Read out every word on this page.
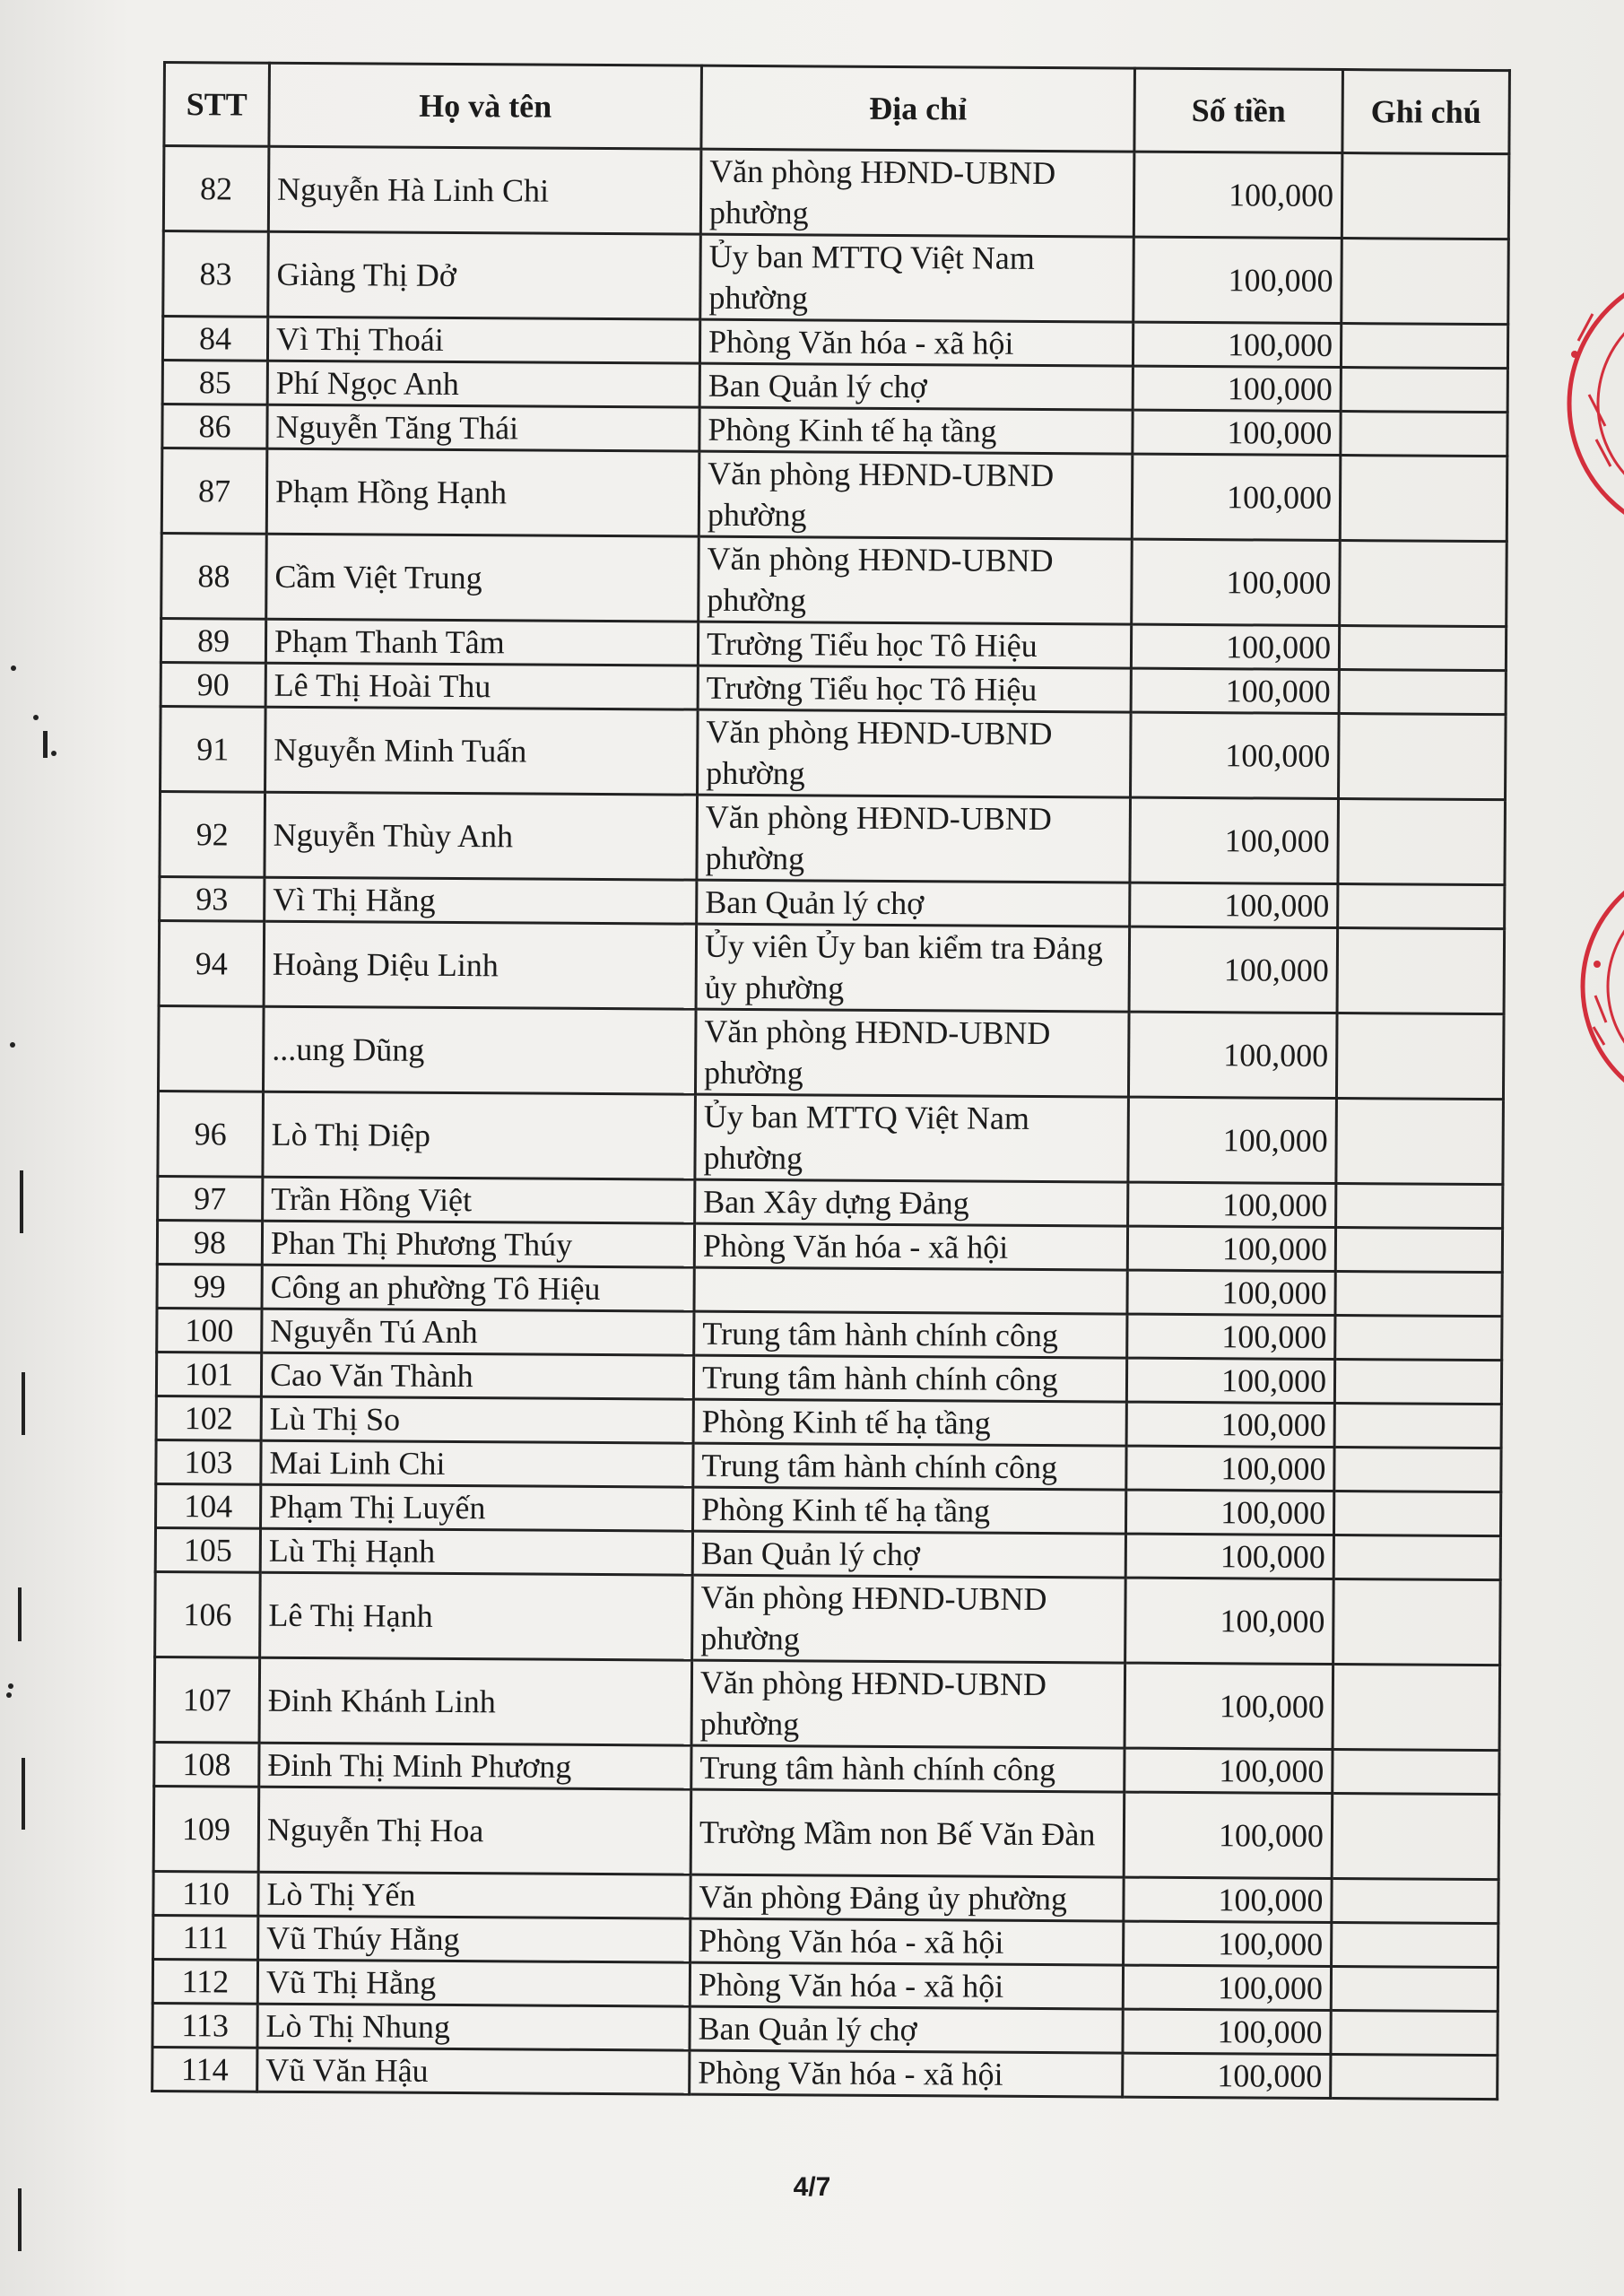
STT	Họ và tên	Địa chỉ	Số tiền	Ghi chú
82	Nguyễn Hà Linh Chi	Văn phòng HĐND-UBND
phường	100,000	
83	Giàng Thị Dở	Ủy ban MTTQ Việt Nam
phường	100,000	
84	Vì Thị Thoái	Phòng Văn hóa - xã hội	100,000	
85	Phí Ngọc Anh	Ban Quản lý chợ	100,000	
86	Nguyễn Tăng Thái	Phòng Kinh tế hạ tầng	100,000	
87	Phạm Hồng Hạnh	Văn phòng HĐND-UBND
phường	100,000	
88	Cầm Việt Trung	Văn phòng HĐND-UBND
phường	100,000	
89	Phạm Thanh Tâm	Trường Tiểu học Tô Hiệu	100,000	
90	Lê Thị Hoài Thu	Trường Tiểu học Tô Hiệu	100,000	
91	Nguyễn Minh Tuấn	Văn phòng HĐND-UBND
phường	100,000	
92	Nguyễn Thùy Anh	Văn phòng HĐND-UBND
phường	100,000	
93	Vì Thị Hằng	Ban Quản lý chợ	100,000	
94	Hoàng Diệu Linh	Ủy viên Ủy ban kiểm tra Đảng
ủy phường	100,000	
	...ung Dũng	Văn phòng HĐND-UBND
phường	100,000	
96	Lò Thị Diệp	Ủy ban MTTQ Việt Nam
phường	100,000	
97	Trần Hồng Việt	Ban Xây dựng Đảng	100,000	
98	Phan Thị Phương Thúy	Phòng Văn hóa - xã hội	100,000	
99	Công an phường Tô Hiệu		100,000	
100	Nguyễn Tú Anh	Trung tâm hành chính công	100,000	
101	Cao Văn Thành	Trung tâm hành chính công	100,000	
102	Lù Thị So	Phòng Kinh tế hạ tầng	100,000	
103	Mai Linh Chi	Trung tâm hành chính công	100,000	
104	Phạm Thị Luyến	Phòng Kinh tế hạ tầng	100,000	
105	Lù Thị Hạnh	Ban Quản lý chợ	100,000	
106	Lê Thị Hạnh	Văn phòng HĐND-UBND
phường	100,000	
107	Đinh Khánh Linh	Văn phòng HĐND-UBND
phường	100,000	
108	Đinh Thị Minh Phương	Trung tâm hành chính công	100,000	
109	Nguyễn Thị Hoa	Trường Mầm non Bế Văn Đàn	100,000	
110	Lò Thị Yến	Văn phòng Đảng ủy phường	100,000	
111	Vũ Thúy Hằng	Phòng Văn hóa - xã hội	100,000	
112	Vũ Thị Hằng	Phòng Văn hóa - xã hội	100,000	
113	Lò Thị Nhung	Ban Quản lý chợ	100,000	
114	Vũ Văn Hậu	Phòng Văn hóa - xã hội	100,000	
4/7
